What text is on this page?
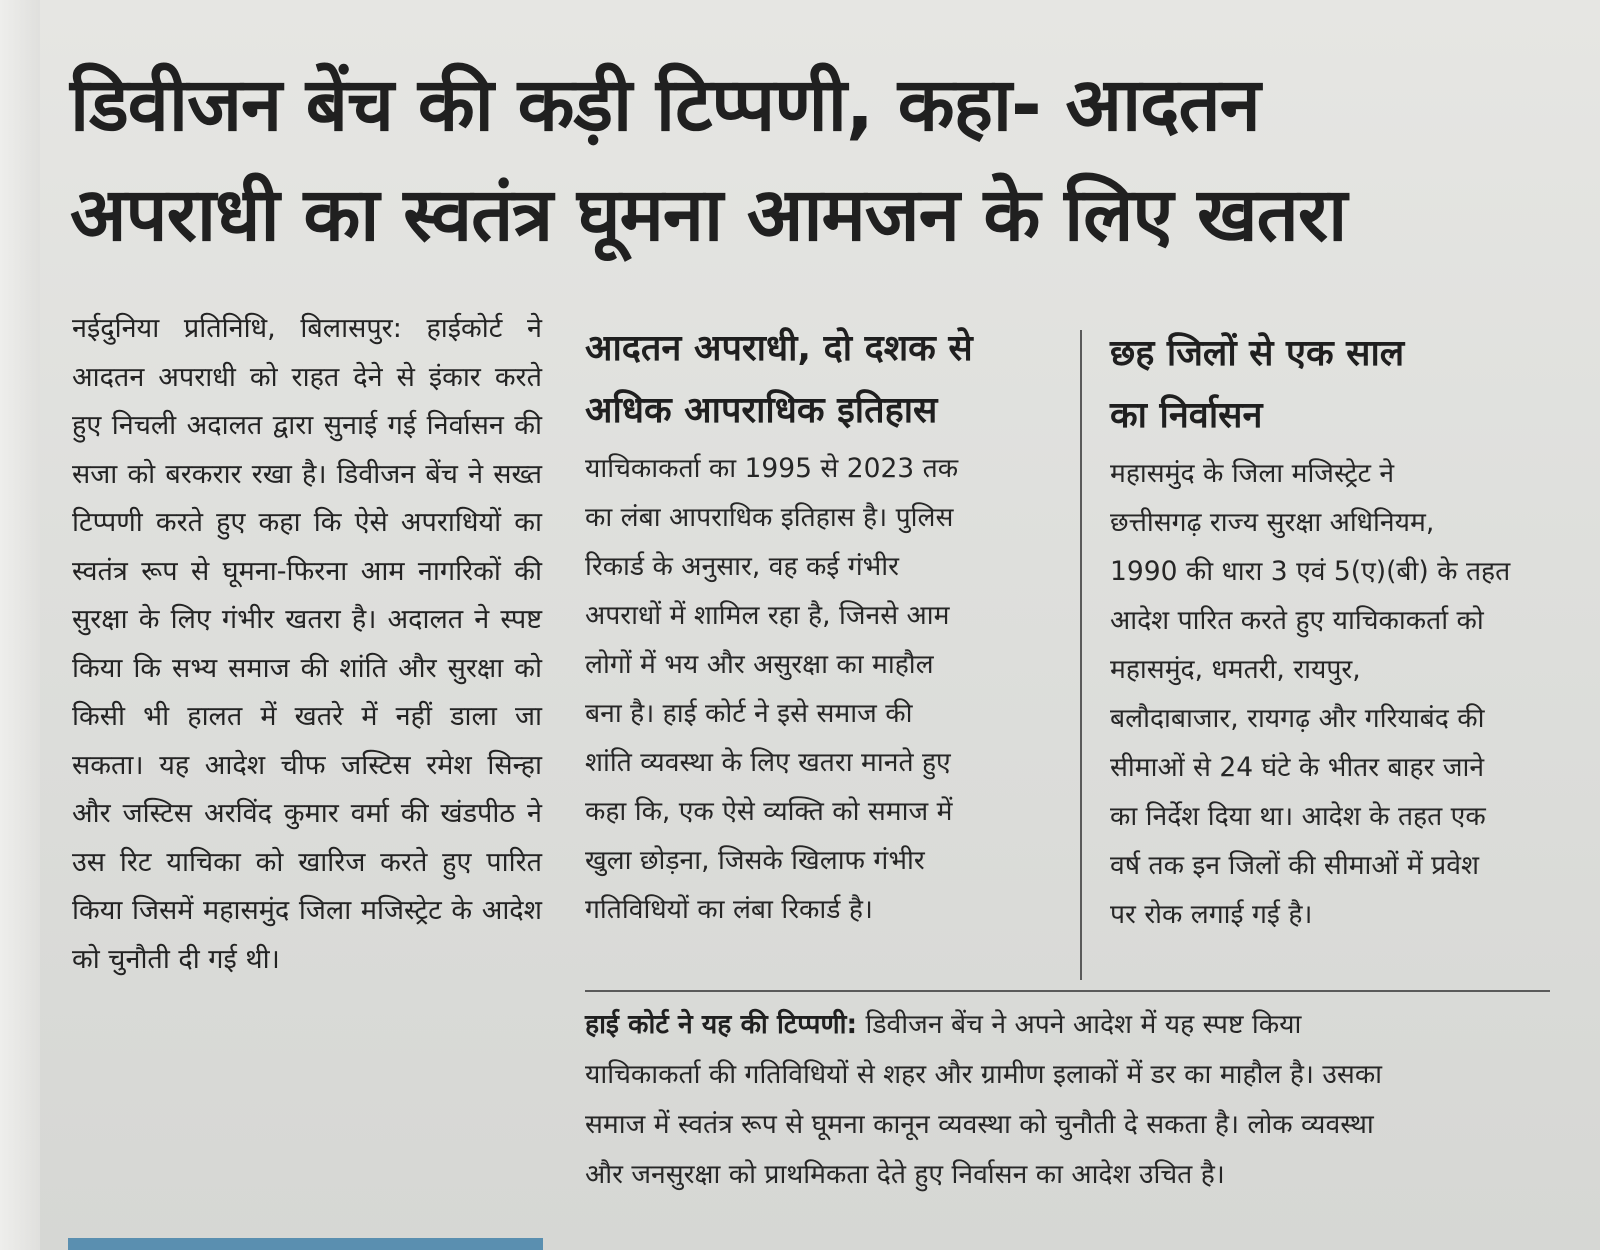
डिवीजन बेंच की कड़ी टिप्पणी, कहा- आदतन
अपराधी का स्वतंत्र घूमना आमजन के लिए खतरा

नईदुनिया प्रतिनिधि, बिलासपुर: हाईकोर्ट ने आदतन अपराधी को राहत देने से इंकार करते हुए निचली अदालत द्वारा सुनाई गई निर्वासन की सजा को बरकरार रखा है। डिवीजन बेंच ने सख्त टिप्पणी करते हुए कहा कि ऐसे अपराधियों का स्वतंत्र रूप से घूमना-फिरना आम नागरिकों की सुरक्षा के लिए गंभीर खतरा है। अदालत ने स्पष्ट किया कि सभ्य समाज की शांति और सुरक्षा को किसी भी हालत में खतरे में नहीं डाला जा सकता। यह आदेश चीफ जस्टिस रमेश सिन्हा और जस्टिस अरविंद कुमार वर्मा की खंडपीठ ने उस रिट याचिका को खारिज करते हुए पारित किया जिसमें महासमुंद जिला मजिस्ट्रेट के आदेश को चुनौती दी गई थी।

आदतन अपराधी, दो दशक से
अधिक आपराधिक इतिहास
याचिकाकर्ता का 1995 से 2023 तक
का लंबा आपराधिक इतिहास है। पुलिस
रिकार्ड के अनुसार, वह कई गंभीर
अपराधों में शामिल रहा है, जिनसे आम
लोगों में भय और असुरक्षा का माहौल
बना है। हाई कोर्ट ने इसे समाज की
शांति व्यवस्था के लिए खतरा मानते हुए
कहा कि, एक ऐसे व्यक्ति को समाज में
खुला छोड़ना, जिसके खिलाफ गंभीर
गतिविधियों का लंबा रिकार्ड है।
छह जिलों से एक साल
का निर्वासन
महासमुंद के जिला मजिस्ट्रेट ने
छत्तीसगढ़ राज्य सुरक्षा अधिनियम,
1990 की धारा 3 एवं 5(ए)(बी) के तहत
आदेश पारित करते हुए याचिकाकर्ता को
महासमुंद, धमतरी, रायपुर,
बलौदाबाजार, रायगढ़ और गरियाबंद की
सीमाओं से 24 घंटे के भीतर बाहर जाने
का निर्देश दिया था। आदेश के तहत एक
वर्ष तक इन जिलों की सीमाओं में प्रवेश
पर रोक लगाई गई है।
हाई कोर्ट ने यह की टिप्पणी: डिवीजन बेंच ने अपने आदेश में यह स्पष्ट किया
याचिकाकर्ता की गतिविधियों से शहर और ग्रामीण इलाकों में डर का माहौल है। उसका
समाज में स्वतंत्र रूप से घूमना कानून व्यवस्था को चुनौती दे सकता है। लोक व्यवस्था
और जनसुरक्षा को प्राथमिकता देते हुए निर्वासन का आदेश उचित है।
